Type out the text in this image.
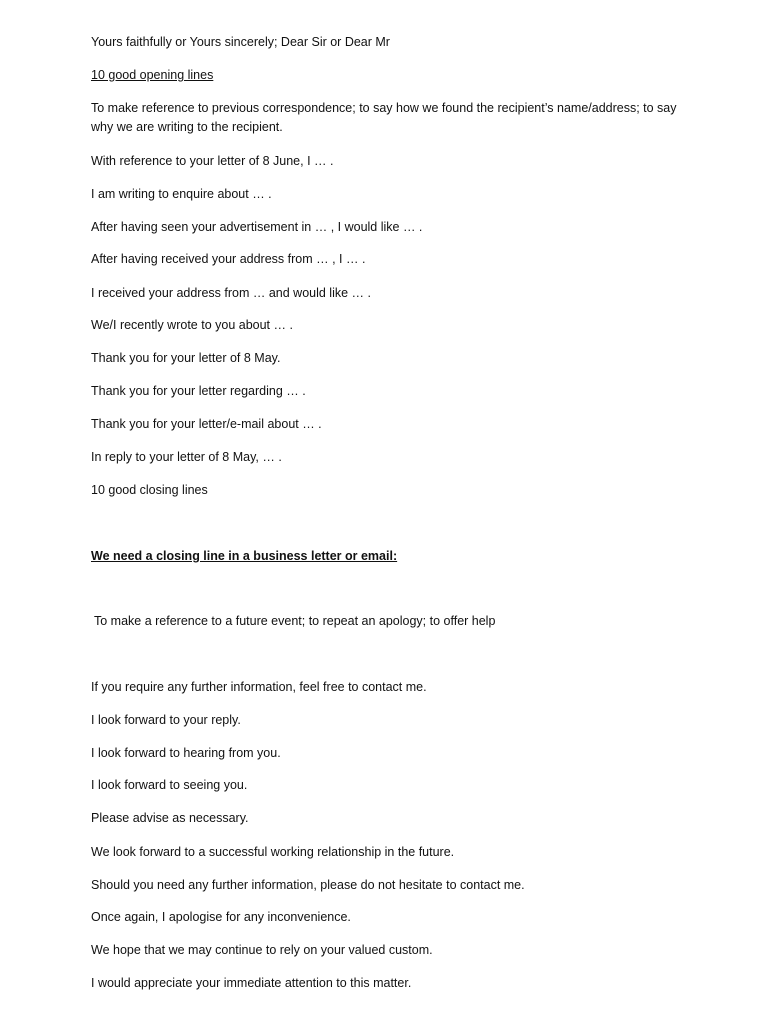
Yours faithfully or Yours sincerely; Dear Sir or Dear Mr

10 good opening lines

To make reference to previous correspondence; to say how we found the recipient’s name/address; to say why we are writing to the recipient.

With reference to your letter of 8 June, I … .

I am writing to enquire about … .

After having seen your advertisement in … , I would like … .

After having received your address from … , I … .

I received your address from … and would like … .

We/I recently wrote to you about … .

Thank you for your letter of 8 May.

Thank you for your letter regarding … .

Thank you for your letter/e-mail about … .

In reply to your letter of 8 May, … .

10 good closing lines

We need a closing line in a business letter or email:

To make a reference to a future event; to repeat an apology; to offer help

If you require any further information, feel free to contact me.

I look forward to your reply.

I look forward to hearing from you.

I look forward to seeing you.

Please advise as necessary.

We look forward to a successful working relationship in the future.

Should you need any further information, please do not hesitate to contact me.

Once again, I apologise for any inconvenience.

We hope that we may continue to rely on your valued custom.

I would appreciate your immediate attention to this matter.
